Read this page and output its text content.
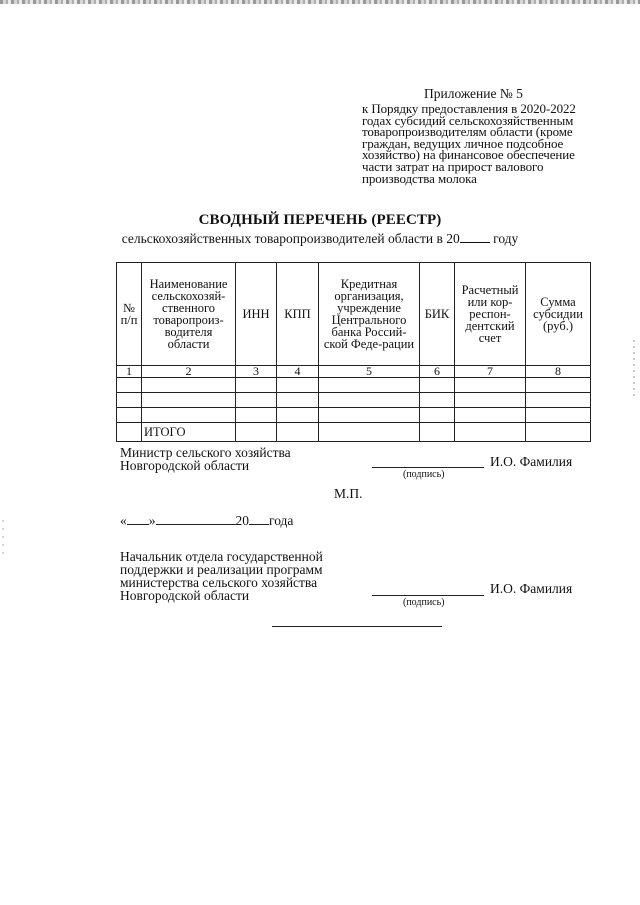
Приложение № 5
к Порядку предоставления в 2020-2022 годах субсидий сельскохозяйственным товаропроизводителям области (кроме граждан, ведущих личное подсобное хозяйство) на финансовое обеспечение части затрат на прирост валового производства молока
СВОДНЫЙ ПЕРЕЧЕНЬ (РЕЕСТР)
сельскохозяйственных товаропроизводителей области в 20 году
№ п/п	Наименование сельскохозяй-ственного товаропроиз-водителя области	ИНН	КПП	Кредитная организация, учреждение Центрального банка Россий-ской Феде-рации	БИК	Расчетный или кор-респон-дентский счет	Сумма субсидии (руб.)
1	2	3	4	5	6	7	8

	ИТОГО						
Министр сельского хозяйства
Новгородской области
(подпись)
И.О. Фамилия
М.П.
« »	20 года
Начальник отдела государственной
поддержки и реализации программ
министерства сельского хозяйства
Новгородской области	(подпись)
И.О. Фамилия
